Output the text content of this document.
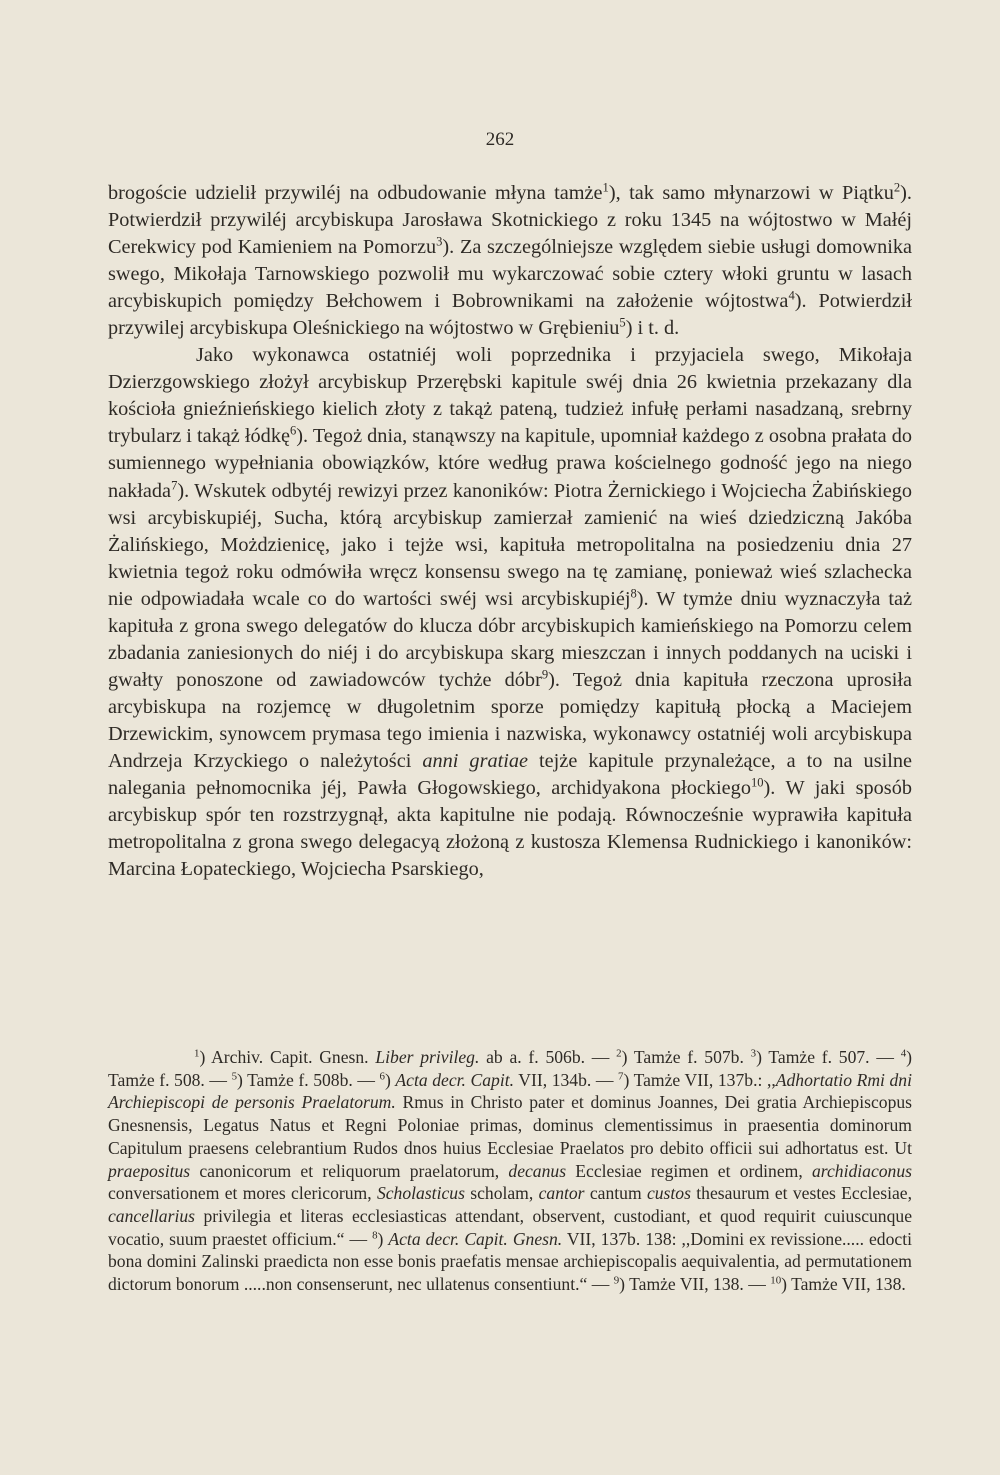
262

brogoście udzielił przywiléj na odbudowanie młyna tamże$^1$), tak samo młynarzowi w Piątku$^2$). Potwierdził przywiléj arcybiskupa Jarosława Skotnickiego z roku 1345 na wójtostwo w Małéj Cerekwicy pod Kamieniem na Pomorzu$^3$). Za szczególniejsze względem siebie usługi domownika swego, Mikołaja Tarnowskiego pozwolił mu wykarczować sobie cztery włoki gruntu w lasach arcybiskupich pomiędzy Bełchowem i Bobrownikami na założenie wójtostwa$^4$). Potwierdził przywilej arcybiskupa Oleśnickiego na wójtostwo w Grębieniu$^5$) i t. d.

Jako wykonawca ostatniéj woli poprzednika i przyjaciela swego, Mikołaja Dzierzgowskiego złożył arcybiskup Przerębski kapitule swéj dnia 26 kwietnia przekazany dla kościoła gnieźnieńskiego kielich złoty z takąż pateną, tudzież infułę perłami nasadzaną, srebrny trybularz i takąż łódkę$^6$). Tegoż dnia, stanąwszy na kapitule, upomniał każdego z osobna prałata do sumiennego wypełniania obowiązków, które według prawa kościelnego godność jego na niego nakłada$^7$). Wskutek odbytéj rewizyi przez kanoników: Piotra Żernickiego i Wojciecha Żabińskiego wsi arcybiskupiéj, Sucha, którą arcybiskup zamierzał zamienić na wieś dziedziczną Jakóba Żalińskiego, Możdzienicę, jako i tejże wsi, kapituła metropolitalna na posiedzeniu dnia 27 kwietnia tegoż roku odmówiła wręcz konsensu swego na tę zamianę, ponieważ wieś szlachecka nie odpowiadała wcale co do wartości swéj wsi arcybiskupiéj$^8$). W tymże dniu wyznaczyła taż kapituła z grona swego delegatów do klucza dóbr arcybiskupich kamieńskiego na Pomorzu celem zbadania zaniesionych do niéj i do arcybiskupa skarg mieszczan i innych poddanych na uciski i gwałty ponoszone od zawiadowców tychże dóbr$^9$). Tegoż dnia kapituła rzeczona uprosiła arcybiskupa na rozjemcę w długoletnim sporze pomiędzy kapitułą płocką a Maciejem Drzewickim, synowcem prymasa tego imienia i nazwiska, wykonawcy ostatniéj woli arcybiskupa Andrzeja Krzyckiego o należytości anni gratiae tejże kapitule przynależące, a to na usilne nalegania pełnomocnika jéj, Pawła Głogowskiego, archidyakona płockiego$^{10}$). W jaki sposób arcybiskup spór ten rozstrzygnął, akta kapitulne nie podają. Równocześnie wyprawiła kapituła metropolitalna z grona swego delegacyą złożoną z kustosza Klemensa Rudnickiego i kanoników: Marcina Łopateckiego, Wojciecha Psarskiego,

$^1$) Archiv. Capit. Gnesn. Liber privileg. ab a. f. 506b. — $^2$) Tamże f. 507b. $^3$) Tamże f. 507. — $^4$) Tamże f. 508. — $^5$) Tamże f. 508b. — $^6$) Acta decr. Capit. VII, 134b. — $^7$) Tamże VII, 137b.: ,,Adhortatio Rmi dni Archiepiscopi de personis Praelatorum. Rmus in Christo pater et dominus Joannes, Dei gratia Archiepiscopus Gnesnensis, Legatus Natus et Regni Poloniae primas, dominus clementissimus in praesentia dominorum Capitulum praesens celebrantium Rudos dnos huius Ecclesiae Praelatos pro debito officii sui adhortatus est. Ut praepositus canonicorum et reliquorum praelatorum, decanus Ecclesiae regimen et ordinem, archidiaconus conversationem et mores clericorum, Scholasticus scholam, cantor cantum custos thesaurum et vestes Ecclesiae, cancellarius privilegia et literas ecclesiasticas attendant, observent, custodiant, et quod requirit cuiuscunque vocatio, suum praestet officium.“ — $^8$) Acta decr. Capit. Gnesn. VII, 137b. 138: ,,Domini ex revissione..... edocti bona domini Zalinski praedicta non esse bonis praefatis mensae archiepiscopalis aequivalentia, ad permutationem dictorum bonorum .....non consenserunt, nec ullatenus consentiunt.“ — $^9$) Tamże VII, 138. — $^{10}$) Tamże VII, 138.
